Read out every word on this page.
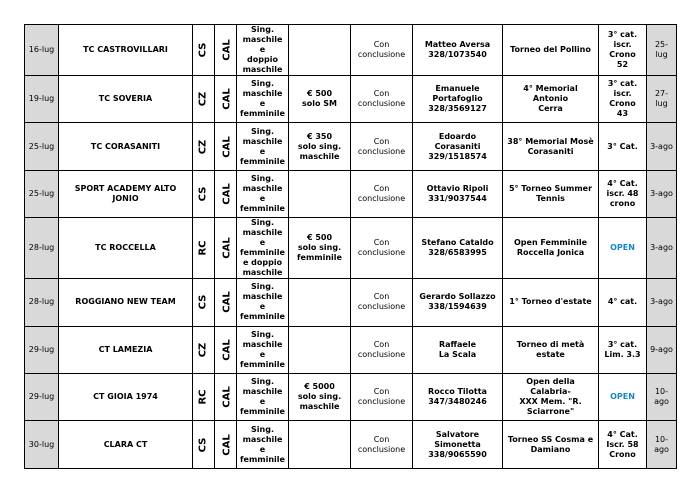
16-lug	TC CASTROVILLARI	CS	CAL	Sing.
maschile e
doppio
maschile		Con
conclusione	Matteo Aversa
328/1073540	Torneo del Pollino	3° cat.
iscr. Crono
52	25-lug
19-lug	TC SOVERIA	CZ	CAL	Sing.
maschile e
femminile	€ 500
solo SM	Con
conclusione	Emanuele
Portafoglio
328/3569127	4° Memorial Antonio
Cerra	3° cat.
iscr. Crono
43	27-lug
25-lug	TC CORASANITI	CZ	CAL	Sing.
maschile e
femminile	€ 350
solo sing.
maschile	Con
conclusione	Edoardo Corasaniti
329/1518574	38° Memorial Mosè
Corasaniti	3° Cat.	3-ago
25-lug	SPORT ACADEMY ALTO JONIO	CS	CAL	Sing.
maschile e
femminile		Con
conclusione	Ottavio Ripoli
331/9037544	5° Torneo Summer Tennis	4° Cat.
iscr. 48
crono	3-ago
28-lug	TC ROCCELLA	RC	CAL	Sing.
maschile e
femminile
e doppio
maschile	€ 500
solo sing.
femminile	Con
conclusione	Stefano Cataldo
328/6583995	Open Femminile
Roccella Jonica	OPEN	3-ago
28-lug	ROGGIANO NEW TEAM	CS	CAL	Sing.
maschile e
femminile		Con
conclusione	Gerardo Sollazzo
338/1594639	1° Torneo d'estate	4° cat.	3-ago
29-lug	CT LAMEZIA	CZ	CAL	Sing.
maschile e
femminile		Con
conclusione	Raffaele
La Scala	Torneo di metà estate	3° cat.
Lim. 3.3	9-ago
29-lug	CT GIOIA 1974	RC	CAL	Sing.
maschile e
femminile	€ 5000
solo sing.
maschile	Con
conclusione	Rocco Tilotta
347/3480246	Open della Calabria-
XXX Mem. "R. Sciarrone"	OPEN	10-ago
30-lug	CLARA CT	CS	CAL	Sing.
maschile e
femminile		Con
conclusione	Salvatore Simonetta
338/9065590	Torneo SS Cosma e
Damiano	4° Cat.
Iscr. 58
Crono	10-ago
